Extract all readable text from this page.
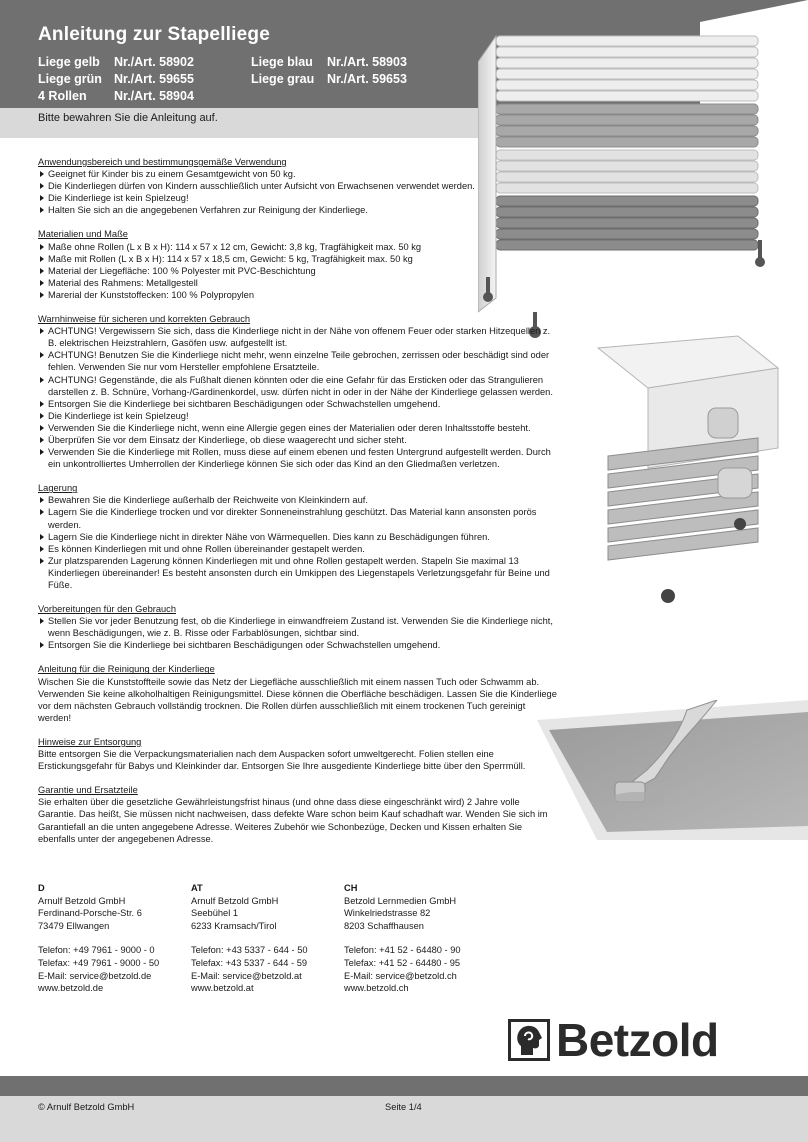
Anleitung zur Stapelliege
Liege gelb Nr./Art. 58902	Liege blau Nr./Art. 58903
Liege grün Nr./Art. 59655	Liege grau Nr./Art. 59653
4 Rollen Nr./Art. 58904
Bitte bewahren Sie die Anleitung auf.
Anwendungsbereich und bestimmungsgemäße Verwendung
Geeignet für Kinder bis zu einem Gesamtgewicht von 50 kg.
Die Kinderliegen dürfen von Kindern ausschließlich unter Aufsicht von Erwachsenen verwendet werden.
Die Kinderliege ist kein Spielzeug!
Halten Sie sich an die angegebenen Verfahren zur Reinigung der Kinderliege.
Materialien und Maße
Maße ohne Rollen (L x B x H): 114 x 57 x 12 cm, Gewicht: 3,8 kg, Tragfähigkeit max. 50 kg
Maße mit Rollen (L x B x H): 114 x 57 x 18,5 cm, Gewicht: 5 kg, Tragfähigkeit max. 50 kg
Material der Liegefläche: 100 % Polyester mit PVC-Beschichtung
Material des Rahmens: Metallgestell
Marerial der Kunststoffecken: 100 % Polypropylen
Warnhinweise für sicheren und korrekten Gebrauch
ACHTUNG! Vergewissern Sie sich, dass die Kinderliege nicht in der Nähe von offenem Feuer oder starken Hitzequellen z. B. elektrischen Heizstrahlern, Gasöfen usw. aufgestellt ist.
ACHTUNG! Benutzen Sie die Kinderliege nicht mehr, wenn einzelne Teile gebrochen, zerrissen oder beschädigt sind oder fehlen. Verwenden Sie nur vom Hersteller empfohlene Ersatzteile.
ACHTUNG! Gegenstände, die als Fußhalt dienen könnten oder die eine Gefahr für das Ersticken oder das Strangulieren darstellen z. B. Schnüre, Vorhang-/Gardinenkordel, usw. dürfen nicht in oder in der Nähe der Kinderliege gelassen werden.
Entsorgen Sie die Kinderliege bei sichtbaren Beschädigungen oder Schwachstellen umgehend.
Die Kinderliege ist kein Spielzeug!
Verwenden Sie die Kinderliege nicht, wenn eine Allergie gegen eines der Materialien oder deren Inhaltsstoffe besteht.
Überprüfen Sie vor dem Einsatz der Kinderliege, ob diese waagerecht und sicher steht.
Verwenden Sie die Kinderliege mit Rollen, muss diese auf einem ebenen und festen Untergrund aufgestellt werden. Durch ein unkontrolliertes Umherrollen der Kinderliege können Sie sich oder das Kind an den Gliedmaßen verletzen.
Lagerung
Bewahren Sie die Kinderliege außerhalb der Reichweite von Kleinkindern auf.
Lagern Sie die Kinderliege trocken und vor direkter Sonneneinstrahlung geschützt. Das Material kann ansonsten porös werden.
Lagern Sie die Kinderliege nicht in direkter Nähe von Wärmequellen. Dies kann zu Beschädigungen führen.
Es können Kinderliegen mit und ohne Rollen übereinander gestapelt werden.
Zur platzsparenden Lagerung können Kinderliegen mit und ohne Rollen gestapelt werden. Stapeln Sie maximal 13 Kinderliegen übereinander! Es besteht ansonsten durch ein Umkippen des Liegenstapels Verletzungsgefahr für Beine und Füße.
Vorbereitungen für den Gebrauch
Stellen Sie vor jeder Benutzung fest, ob die Kinderliege in einwandfreiem Zustand ist. Verwenden Sie die Kinderliege nicht, wenn Beschädigungen, wie z. B. Risse oder Farbablösungen, sichtbar sind.
Entsorgen Sie die Kinderliege bei sichtbaren Beschädigungen oder Schwachstellen umgehend.
Anleitung für die Reinigung der Kinderliege
Wischen Sie die Kunststoffteile sowie das Netz der Liegefläche ausschließlich mit einem nassen Tuch oder Schwamm ab. Verwenden Sie keine alkoholhaltigen Reinigungsmittel. Diese können die Oberfläche beschädigen. Lassen Sie die Kinderliege vor dem nächsten Gebrauch vollständig trocknen. Die Rollen dürfen ausschließlich mit einem trockenen Tuch gereinigt werden!
Hinweise zur Entsorgung
Bitte entsorgen Sie die Verpackungsmaterialien nach dem Auspacken sofort umweltgerecht. Folien stellen eine Erstickungsgefahr für Babys und Kleinkinder dar. Entsorgen Sie Ihre ausgediente Kinderliege bitte über den Sperrmüll.
Garantie und Ersatzteile
Sie erhalten über die gesetzliche Gewährleistungsfrist hinaus (und ohne dass diese eingeschränkt wird) 2 Jahre volle Garantie. Das heißt, Sie müssen nicht nachweisen, dass defekte Ware schon beim Kauf schadhaft war. Wenden Sie sich im Garantiefall an die unten angegebene Adresse. Weiteres Zubehör wie Schonbezüge, Decken und Kissen erhalten Sie ebenfalls unter der angegebenen Adresse.
D
Arnulf Betzold GmbH
Ferdinand-Porsche-Str. 6
73479 Ellwangen
Telefon: +49 7961 - 9000 - 0
Telefax: +49 7961 - 9000 - 50
E-Mail: service@betzold.de
www.betzold.de
AT
Arnulf Betzold GmbH
Seebühel 1
6233 Kramsach/Tirol
Telefon: +43 5337 - 644 - 50
Telefax: +43 5337 - 644 - 59
E-Mail: service@betzold.at
www.betzold.at
CH
Betzold Lernmedien GmbH
Winkelriedstrasse 82
8203 Schaffhausen
Telefon: +41 52 - 64480 - 90
Telefax: +41 52 - 64480 - 95
E-Mail: service@betzold.ch
www.betzold.ch
Betzold
© Arnulf Betzold GmbH	Seite 1/4
